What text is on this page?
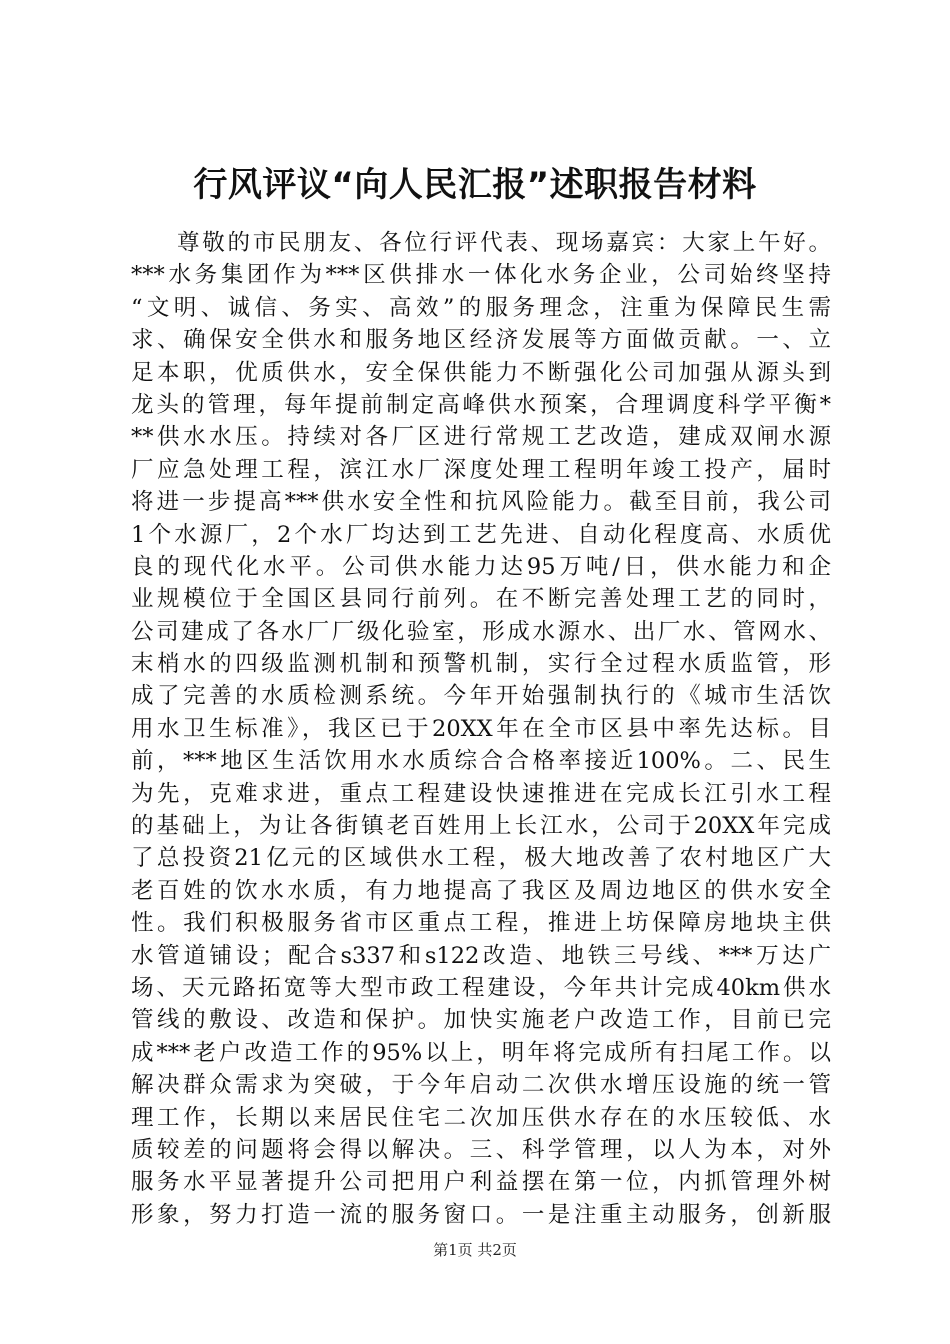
行风评议“向人民汇报”述职报告材料
尊敬的市民朋友、各位行评代表、现场嘉宾：大家上午好。
***水务集团作为***区供排水一体化水务企业，公司始终坚持
“文明、诚信、务实、高效”的服务理念，注重为保障民生需
求、确保安全供水和服务地区经济发展等方面做贡献。一、立
足本职，优质供水，安全保供能力不断强化公司加强从源头到
龙头的管理，每年提前制定高峰供水预案，合理调度科学平衡*
**供水水压。持续对各厂区进行常规工艺改造，建成双闸水源
厂应急处理工程，滨江水厂深度处理工程明年竣工投产，届时
将进一步提高***供水安全性和抗风险能力。截至目前，我公司
1个水源厂，2个水厂均达到工艺先进、自动化程度高、水质优
良的现代化水平。公司供水能力达95万吨/日，供水能力和企
业规模位于全国区县同行前列。在不断完善处理工艺的同时，
公司建成了各水厂厂级化验室，形成水源水、出厂水、管网水、
末梢水的四级监测机制和预警机制，实行全过程水质监管，形
成了完善的水质检测系统。今年开始强制执行的《城市生活饮
用水卫生标准》，我区已于20XX年在全市区县中率先达标。目
前，***地区生活饮用水水质综合合格率接近100%。二、民生
为先，克难求进，重点工程建设快速推进在完成长江引水工程
的基础上，为让各街镇老百姓用上长江水，公司于20XX年完成
了总投资21亿元的区域供水工程，极大地改善了农村地区广大
老百姓的饮水水质，有力地提高了我区及周边地区的供水安全
性。我们积极服务省市区重点工程，推进上坊保障房地块主供
水管道铺设；配合s337和s122改造、地铁三号线、***万达广
场、天元路拓宽等大型市政工程建设，今年共计完成40km供水
管线的敷设、改造和保护。加快实施老户改造工作，目前已完
成***老户改造工作的95%以上，明年将完成所有扫尾工作。以
解决群众需求为突破，于今年启动二次供水增压设施的统一管
理工作，长期以来居民住宅二次加压供水存在的水压较低、水
质较差的问题将会得以解决。三、科学管理，以人为本，对外
服务水平显著提升公司把用户利益摆在第一位，内抓管理外树
形象，努力打造一流的服务窗口。一是注重主动服务，创新服
第1页 共2页
